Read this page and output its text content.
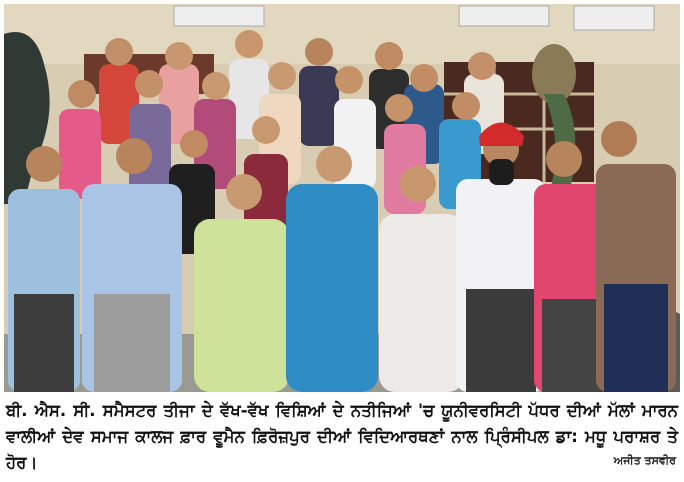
ਬੀ. ਐਸ. ਸੀ. ਸਮੈਸਟਰ ਤੀਜਾ ਦੇ ਵੱਖ-ਵੱਖ ਵਿਸ਼ਿਆਂ ਦੇ ਨਤੀਜਿਆਂ 'ਚ ਯੂਨੀਵਰਸਿਟੀ ਪੱਧਰ ਦੀਆਂ ਮੱਲਾਂ ਮਾਰਨ ਵਾਲੀਆਂ ਦੇਵ ਸਮਾਜ ਕਾਲਜ ਫ਼ਾਰ ਵੂਮੈਨ ਫ਼ਿਰੋਜ਼ਪੁਰ ਦੀਆਂ ਵਿਦਿਆਰਥਣਾਂ ਨਾਲ ਪ੍ਰਿੰਸੀਪਲ ਡਾ: ਮਧੂ ਪਰਾਸ਼ਰ ਤੇ ਹੋਰ।	ਅਜੀਤ ਤਸਵੀਰ
